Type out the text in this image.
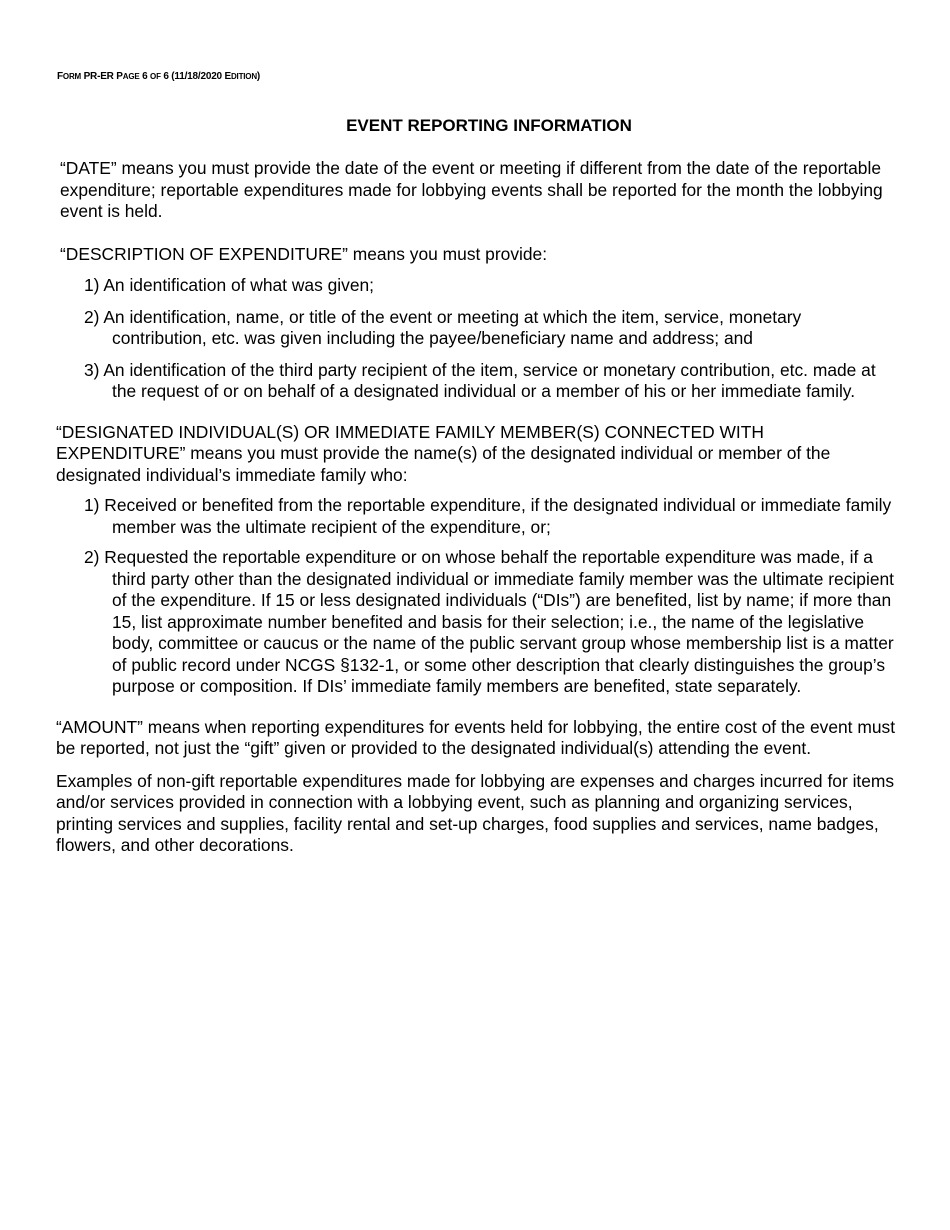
FORM PR-ER PAGE 6 OF 6 (11/18/2020 EDITION)
EVENT REPORTING INFORMATION

“DATE” means you must provide the date of the event or meeting if different from the date of the reportable expenditure; reportable expenditures made for lobbying events shall be reported for the month the lobbying event is held.

“DESCRIPTION OF EXPENDITURE” means you must provide:

1) An identification of what was given;
2) An identification, name, or title of the event or meeting at which the item, service, monetary contribution, etc. was given including the payee/beneficiary name and address; and
3) An identification of the third party recipient of the item, service or monetary contribution, etc. made at the request of or on behalf of a designated individual or a member of his or her immediate family.

“DESIGNATED INDIVIDUAL(S) OR IMMEDIATE FAMILY MEMBER(S) CONNECTED WITH EXPENDITURE” means you must provide the name(s) of the designated individual or member of the designated individual’s immediate family who:

1) Received or benefited from the reportable expenditure, if the designated individual or immediate family member was the ultimate recipient of the expenditure, or;
2) Requested the reportable expenditure or on whose behalf the reportable expenditure was made, if a third party other than the designated individual or immediate family member was the ultimate recipient of the expenditure. If 15 or less designated individuals (“DIs”) are benefited, list by name; if more than 15, list approximate number benefited and basis for their selection; i.e., the name of the legislative body, committee or caucus or the name of the public servant group whose membership list is a matter of public record under NCGS §132-1, or some other description that clearly distinguishes the group’s purpose or composition. If DIs’ immediate family members are benefited, state separately.

“AMOUNT” means when reporting expenditures for events held for lobbying, the entire cost of the event must be reported, not just the “gift” given or provided to the designated individual(s) attending the event.

Examples of non-gift reportable expenditures made for lobbying are expenses and charges incurred for items and/or services provided in connection with a lobbying event, such as planning and organizing services, printing services and supplies, facility rental and set-up charges, food supplies and services, name badges, flowers, and other decorations.
